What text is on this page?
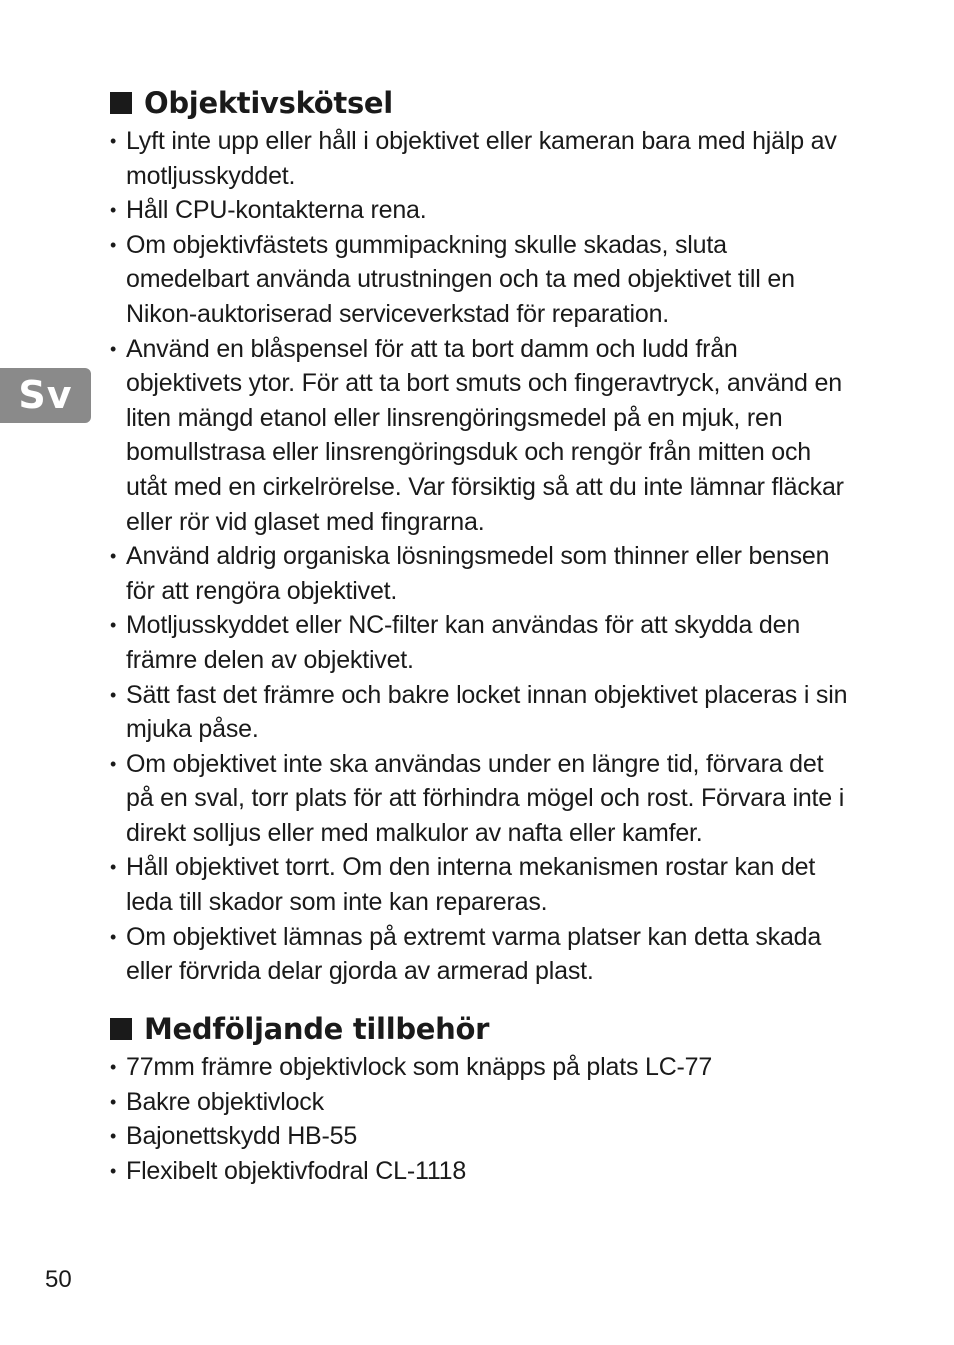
Sv
Objektivskötsel
• Lyft inte upp eller håll i objektivet eller kameran bara med hjälp av motljusskyddet.
• Håll CPU-kontakterna rena.
• Om objektivfästets gummipackning skulle skadas, sluta omedelbart använda utrustningen och ta med objektivet till en Nikon-auktoriserad serviceverkstad för reparation.
• Använd en blåspensel för att ta bort damm och ludd från objektivets ytor. För att ta bort smuts och fingeravtryck, använd en liten mängd etanol eller linsrengöringsmedel på en mjuk, ren bomullstrasa eller linsrengöringsduk och rengör från mitten och utåt med en cirkelrörelse. Var försiktig så att du inte lämnar fläckar eller rör vid glaset med fingrarna.
• Använd aldrig organiska lösningsmedel som thinner eller bensen för att rengöra objektivet.
• Motljusskyddet eller NC-filter kan användas för att skydda den främre delen av objektivet.
• Sätt fast det främre och bakre locket innan objektivet placeras i sin mjuka påse.
• Om objektivet inte ska användas under en längre tid, förvara det på en sval, torr plats för att förhindra mögel och rost. Förvara inte i direkt solljus eller med malkulor av nafta eller kamfer.
• Håll objektivet torrt. Om den interna mekanismen rostar kan det leda till skador som inte kan repareras.
• Om objektivet lämnas på extremt varma platser kan detta skada eller förvrida delar gjorda av armerad plast.
Medföljande tillbehör
• 77mm främre objektivlock som knäpps på plats LC-77
• Bakre objektivlock
• Bajonettskydd HB-55
• Flexibelt objektivfodral CL-1118
50
